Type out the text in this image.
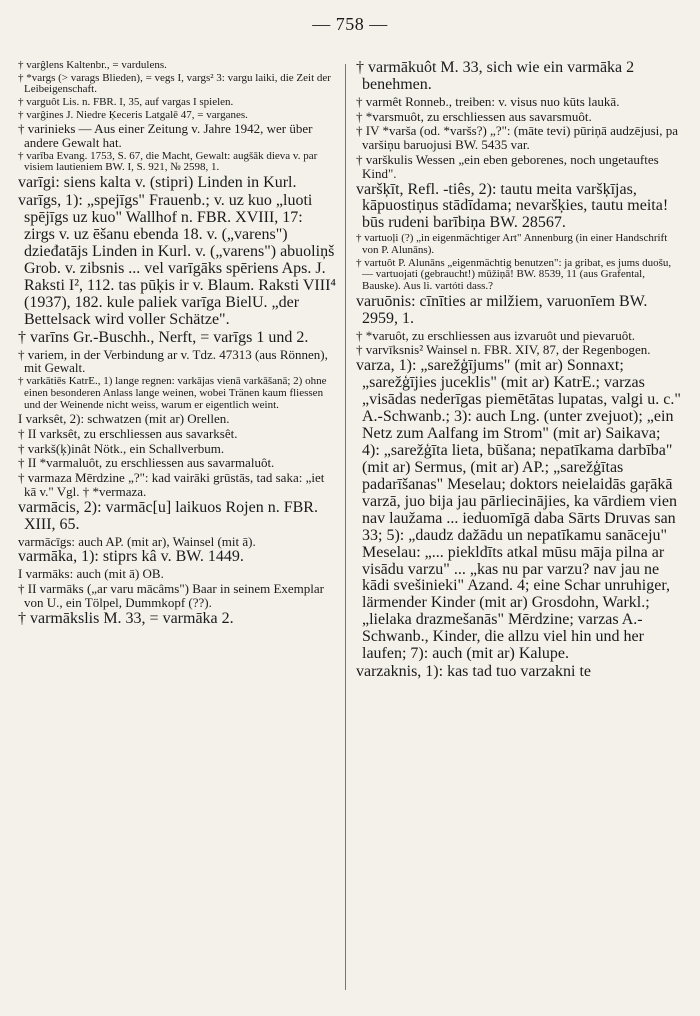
— 758 —

† varĝlens Kaltenbr., = vardulens.

† *vargs (> varags Blieden), = vegs I, vargs² 3: vargu laiki, die Zeit der Leibeigenschaft.

† varguôt Lis. n. FBR. I, 35, auf vargas I spielen.

† varĝines J. Niedre Ķeceris Latgalē 47, = varganes.

† varinieks — Aus einer Zeitung v. Jahre 1942, wer über andere Gewalt hat.

† varība Evang. 1753, S. 67, die Macht, Gewalt: augšāk dieva v. par visiem lautieniem BW. I, S. 921, № 2598, 1.

varīgi: siens kalta v. (stipri) Linden in Kurl.

varīgs, 1): „spejīgs" Frauenb.; v. uz kuo „luoti spējīgs uz kuo" Wallhof n. FBR. XVIII, 17: zirgs v. uz ēšanu ebenda 18. v. („varens") dzieđatājs Linden in Kurl. v. („varens") abuoliņš Grob. v. zibsnis ... vel varīgāks spēriens Aps. J. Raksti I², 112. tas pūķis ir v. Blaum. Raksti VIII⁴ (1937), 182. kule paliek varīga BielU. „der Bettelsack wird voller Schätze".

† varīns Gr.-Buschh., Nerft, = varīgs 1 und 2.

† variem, in der Verbindung ar v. Tdz. 47313 (aus Rönnen), mit Gewalt.

† varkātiēs KatrE., 1) lange regnen: varkājas vienā varkāšanā; 2) ohne einen besonderen Anlass lange weinen, wobei Tränen kaum fliessen und der Weinende nicht weiss, warum er eigentlich weint.

I varksêt, 2): schwatzen (mit ar) Orellen.

† II varksêt, zu erschliessen aus savarksêt.

† varkš(ķ)inât Nötk., ein Schallverbum.

† II *varmaluôt, zu erschliessen aus savarmaluôt.

† varmaza Mērdzine „?": kad vairāki grūstās, tad saka: „iet kā v." Vgl. † *vermaza.

varmācis, 2): varmāc[u] laikuos Rojen n. FBR. XIII, 65.

varmācīgs: auch AP. (mit ar), Wainsel (mit ā).

varmāka, 1): stiprs kâ v. BW. 1449.

I varmāks: auch (mit ā) OB.

† II varmāks („ar varu mācâms") Baar in seinem Exemplar von U., ein Tölpel, Dummkopf (??).

† varmākslis M. 33, = varmāka 2.

† varmākuôt M. 33, sich wie ein varmāka 2 benehmen.

† varmêt Ronneb., treiben: v. visus nuo kūts laukā.

† *varsmuôt, zu erschliessen aus savarsmuôt.

† IV *varša (od. *varšs?) „?": (māte tevi) pūriņā audzējusi, pa varšiņu baruojusi BW. 5435 var.

† varškulis Wessen „ein eben geborenes, noch ungetauftes Kind".

varšķīt, Refl. -tiês, 2): tautu meita varšķījas, kāpuostiņus stādīdama; nevaršķies, tautu meita! būs rudeni barībiņa BW. 28567.

† vartuoļi (?) „in eigenmächtiger Art" Annenburg (in einer Handschrift von P. Alunāns).

† vartuôt P. Alunāns „eigenmächtig benutzen": ja gribat, es jums duošu, — vartuojati (gebraucht!) mūžiņā! BW. 8539, 11 (aus Grafental, Bauske). Aus li. vartóti dass.?

varuōnis: cīnīties ar milžiem, varuonīem BW. 2959, 1.

† *varuôt, zu erschliessen aus izvaruôt und pievaruôt.

† varvīksnis² Wainsel n. FBR. XIV, 87, der Regenbogen.

varza, 1): „sarežģījums" (mit ar) Sonnaxt; „sarežģījies juceklis" (mit ar) KatrE.; varzas „visādas nederīgas piemētātas lupatas, valgi u. c." A.-Schwanb.; 3): auch Lng. (unter zvejuot); „ein Netz zum Aalfang im Strom" (mit ar) Saikava; 4): „sarežģīta lieta, būšana; nepatīkama darbība" (mit ar) Sermus, (mit ar) AP.; „sarežģītas padarīšanas" Meselau; doktors neielaidās gaŗākā varzā, juo bija jau pārliecinājies, ka vārdiem vien nav laužama ... ieduomīgā daba Sārts Druvas san 33; 5): „daudz dažādu un nepatīkamu sanāceju" Meselau: „... piekldīts atkal mūsu māja pilna ar visādu varzu" ... „kas nu par varzu? nav jau ne kādi svešinieki" Azand. 4; eine Schar unruhiger, lärmender Kinder (mit ar) Grosdohn, Warkl.; „lielaka drazmešanās" Mērdzine; varzas A.-Schwanb., Kinder, die allzu viel hin und her laufen; 7): auch (mit ar) Kalupe.

varzaknis, 1): kas tad tuo varzakni te
